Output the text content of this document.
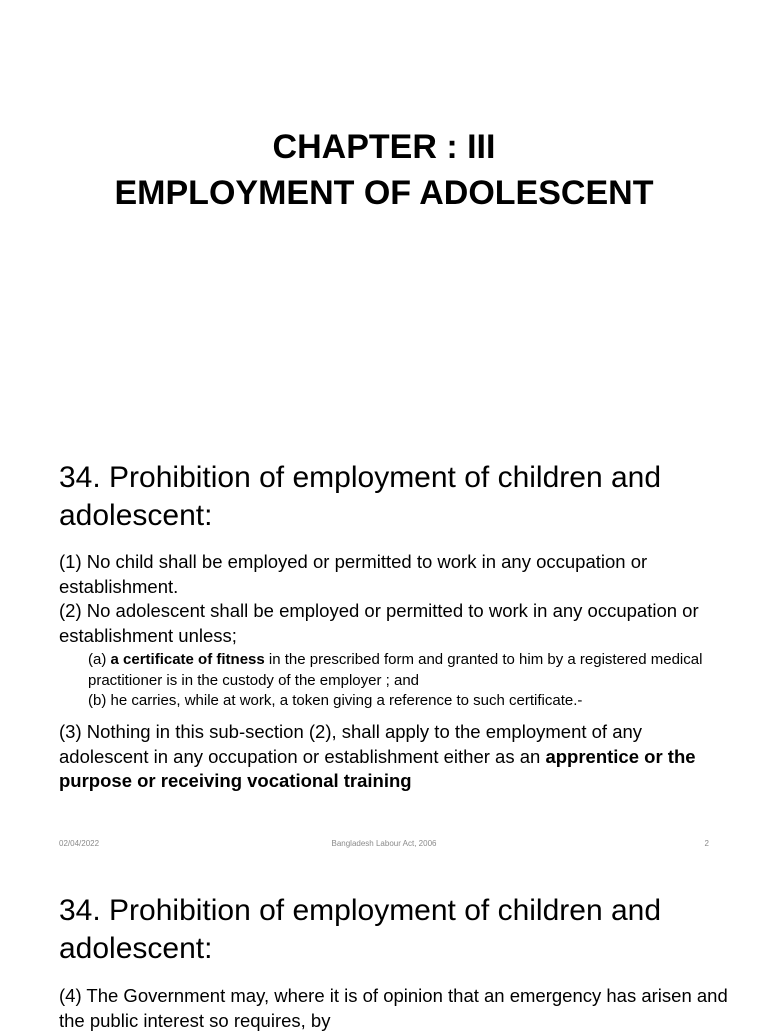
CHAPTER : III
EMPLOYMENT OF ADOLESCENT
34. Prohibition of employment of children and adolescent:
(1) No child shall be employed or permitted to work in any occupation or establishment.
(2) No adolescent shall be employed or permitted to work in any occupation or establishment unless;
(a) a certificate of fitness in the prescribed form and granted to him by a registered medical practitioner is in the custody of the employer ; and
(b) he carries, while at work, a token giving a reference to such certificate.-
(3) Nothing in this sub-section (2), shall apply to the employment of any adolescent in any occupation or establishment either as an apprentice or the purpose or receiving vocational training
02/04/2022	Bangladesh Labour Act, 2006	2
34. Prohibition of employment of children and adolescent:
(4) The Government may, where it is of opinion that an emergency has arisen and the public interest so requires, by
